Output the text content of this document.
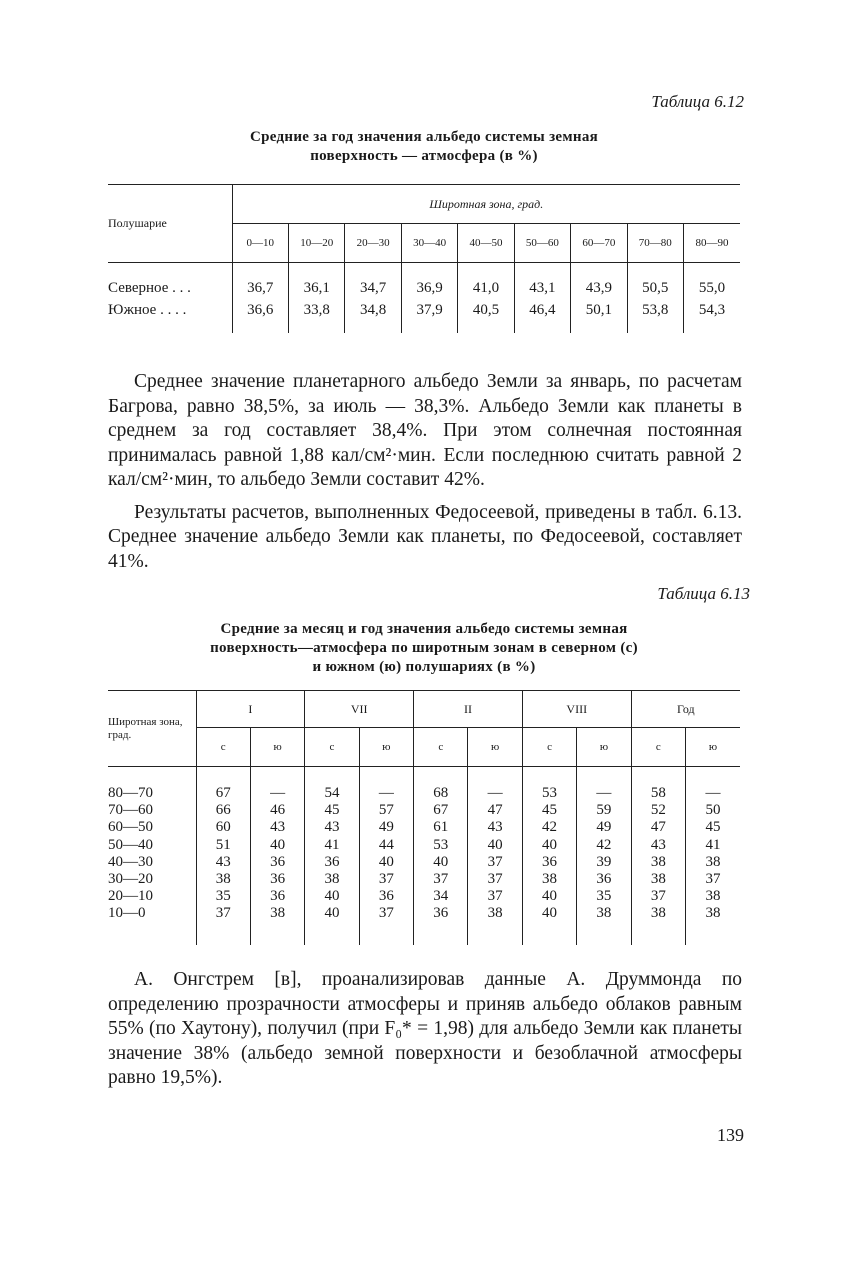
Таблица 6.12
Средние за год значения альбедо системы земная
поверхность — атмосфера (в %)
Полушарие	Широтная зона, град.								
	0—10	10—20	20—30	30—40	40—50	50—60	60—70	70—80	80—90
Северное . . .	36,7	36,1	34,7	36,9	41,0	43,1	43,9	50,5	55,0
Южное . . . .	36,6	33,8	34,8	37,9	40,5	46,4	50,1	53,8	54,3

Среднее значение планетарного альбедо Земли за январь, по расчетам Багрова, равно 38,5%, за июль — 38,3%. Альбедо Земли как планеты в среднем за год составляет 38,4%. При этом солнечная постоянная принималась равной 1,88 кал/см²·мин. Если последнюю считать равной 2 кал/см²·мин, то альбедо Земли составит 42%.

Результаты расчетов, выполненных Федосеевой, приведены в табл. 6.13. Среднее значение альбедо Земли как планеты, по Федосеевой, составляет 41%.

Таблица 6.13
Средние за месяц и год значения альбедо системы земная
поверхность—атмосфера по широтным зонам в северном (с)
и южном (ю) полушариях (в %)
Широтная зона, град.	I		VII		II		VIII		Год	
	с	ю	с	ю	с	ю	с	ю	с	ю
80—70	67	—	54	—	68	—	53	—	58	—
70—60	66	46	45	57	67	47	45	59	52	50
60—50	60	43	43	49	61	43	42	49	47	45
50—40	51	40	41	44	53	40	40	42	43	41
40—30	43	36	36	40	40	37	36	39	38	38
30—20	38	36	38	37	37	37	38	36	38	37
20—10	35	36	40	36	34	37	40	35	37	38
10—0	37	38	40	37	36	38	40	38	38	38

А. Онгстрем [в], проанализировав данные А. Друммонда по определению прозрачности атмосферы и приняв альбедо облаков равным 55% (по Хаутону), получил (при F₀* = 1,98) для альбедо Земли как планеты значение 38% (альбедо земной поверхности и безоблачной атмосферы равно 19,5%).

139
